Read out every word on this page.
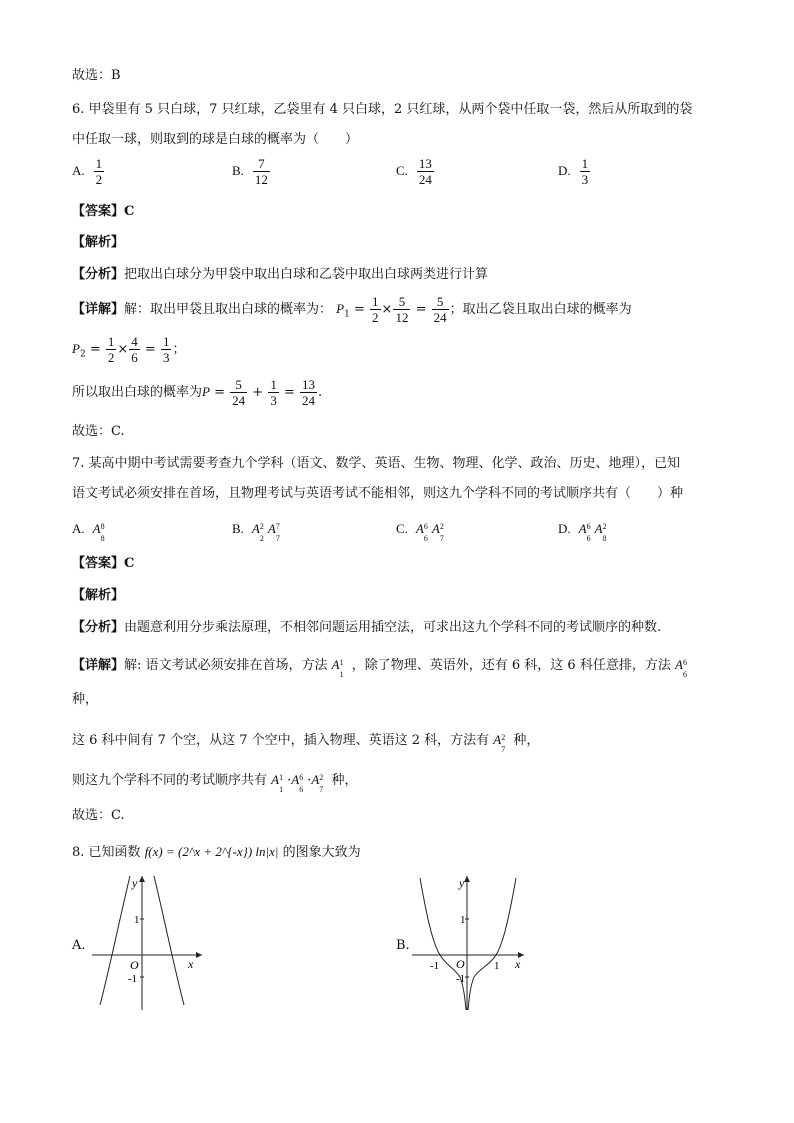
故选：B
6. 甲袋里有 5 只白球，7 只红球，乙袋里有 4 只白球，2 只红球，从两个袋中任取一袋，然后从所取到的袋
中任取一球，则取到的球是白球的概率为（　　）
A. $\frac{1}{2}$	B. $\frac{7}{12}$	C. $\frac{13}{24}$	D. $\frac{1}{3}$
【答案】C
【解析】
【分析】把取出白球分为甲袋中取出白球和乙袋中取出白球两类进行计算
【详解】解：取出甲袋且取出白球的概率为： $P_1 = \frac{1}{2} \times \frac{5}{12} = \frac{5}{24}$ ；取出乙袋且取出白球的概率为
$P_2 = \frac{1}{2} \times \frac{4}{6} = \frac{1}{3}$ ；
所以取出白球的概率为$P = \frac{5}{24} + \frac{1}{3} = \frac{13}{24}$ .
故选：C.
7. 某高中期中考试需要考查九个学科（语文、数学、英语、生物、物理、化学、政治、历史、地理），已知
语文考试必须安排在首场，且物理考试与英语考试不能相邻，则这九个学科不同的考试顺序共有（　　）种
A. A 8
8
B. A 2
2
A 7
7
C. A 6
6
A 2
7
D. A 6
6
A 2
8
【答案】C
【解析】
【分析】由题意利用分步乘法原理，不相邻问题运用插空法，可求出这九个学科不同的考试顺序的种数.
【详解】解: 语文考试必须安排在首场，方法 A 1
1
，除了物理、英语外，还有 6 科，这 6 科任意排，方法 A 6
6
种，
这 6 科中间有 7 个空，从这 7 个空中，插入物理、英语这 2 科，方法有 A 2
7
种，
则这九个学科不同的考试顺序共有 A 1
1
·A 6
6
·A 2
7
种，
故选：C.
8. 已知函数 f(x) = (2^x + 2^{-x}) ln|x| 的图象大致为
A.
y
x
O
1
-1
B.
y
x
O
1
-1
-1	1
